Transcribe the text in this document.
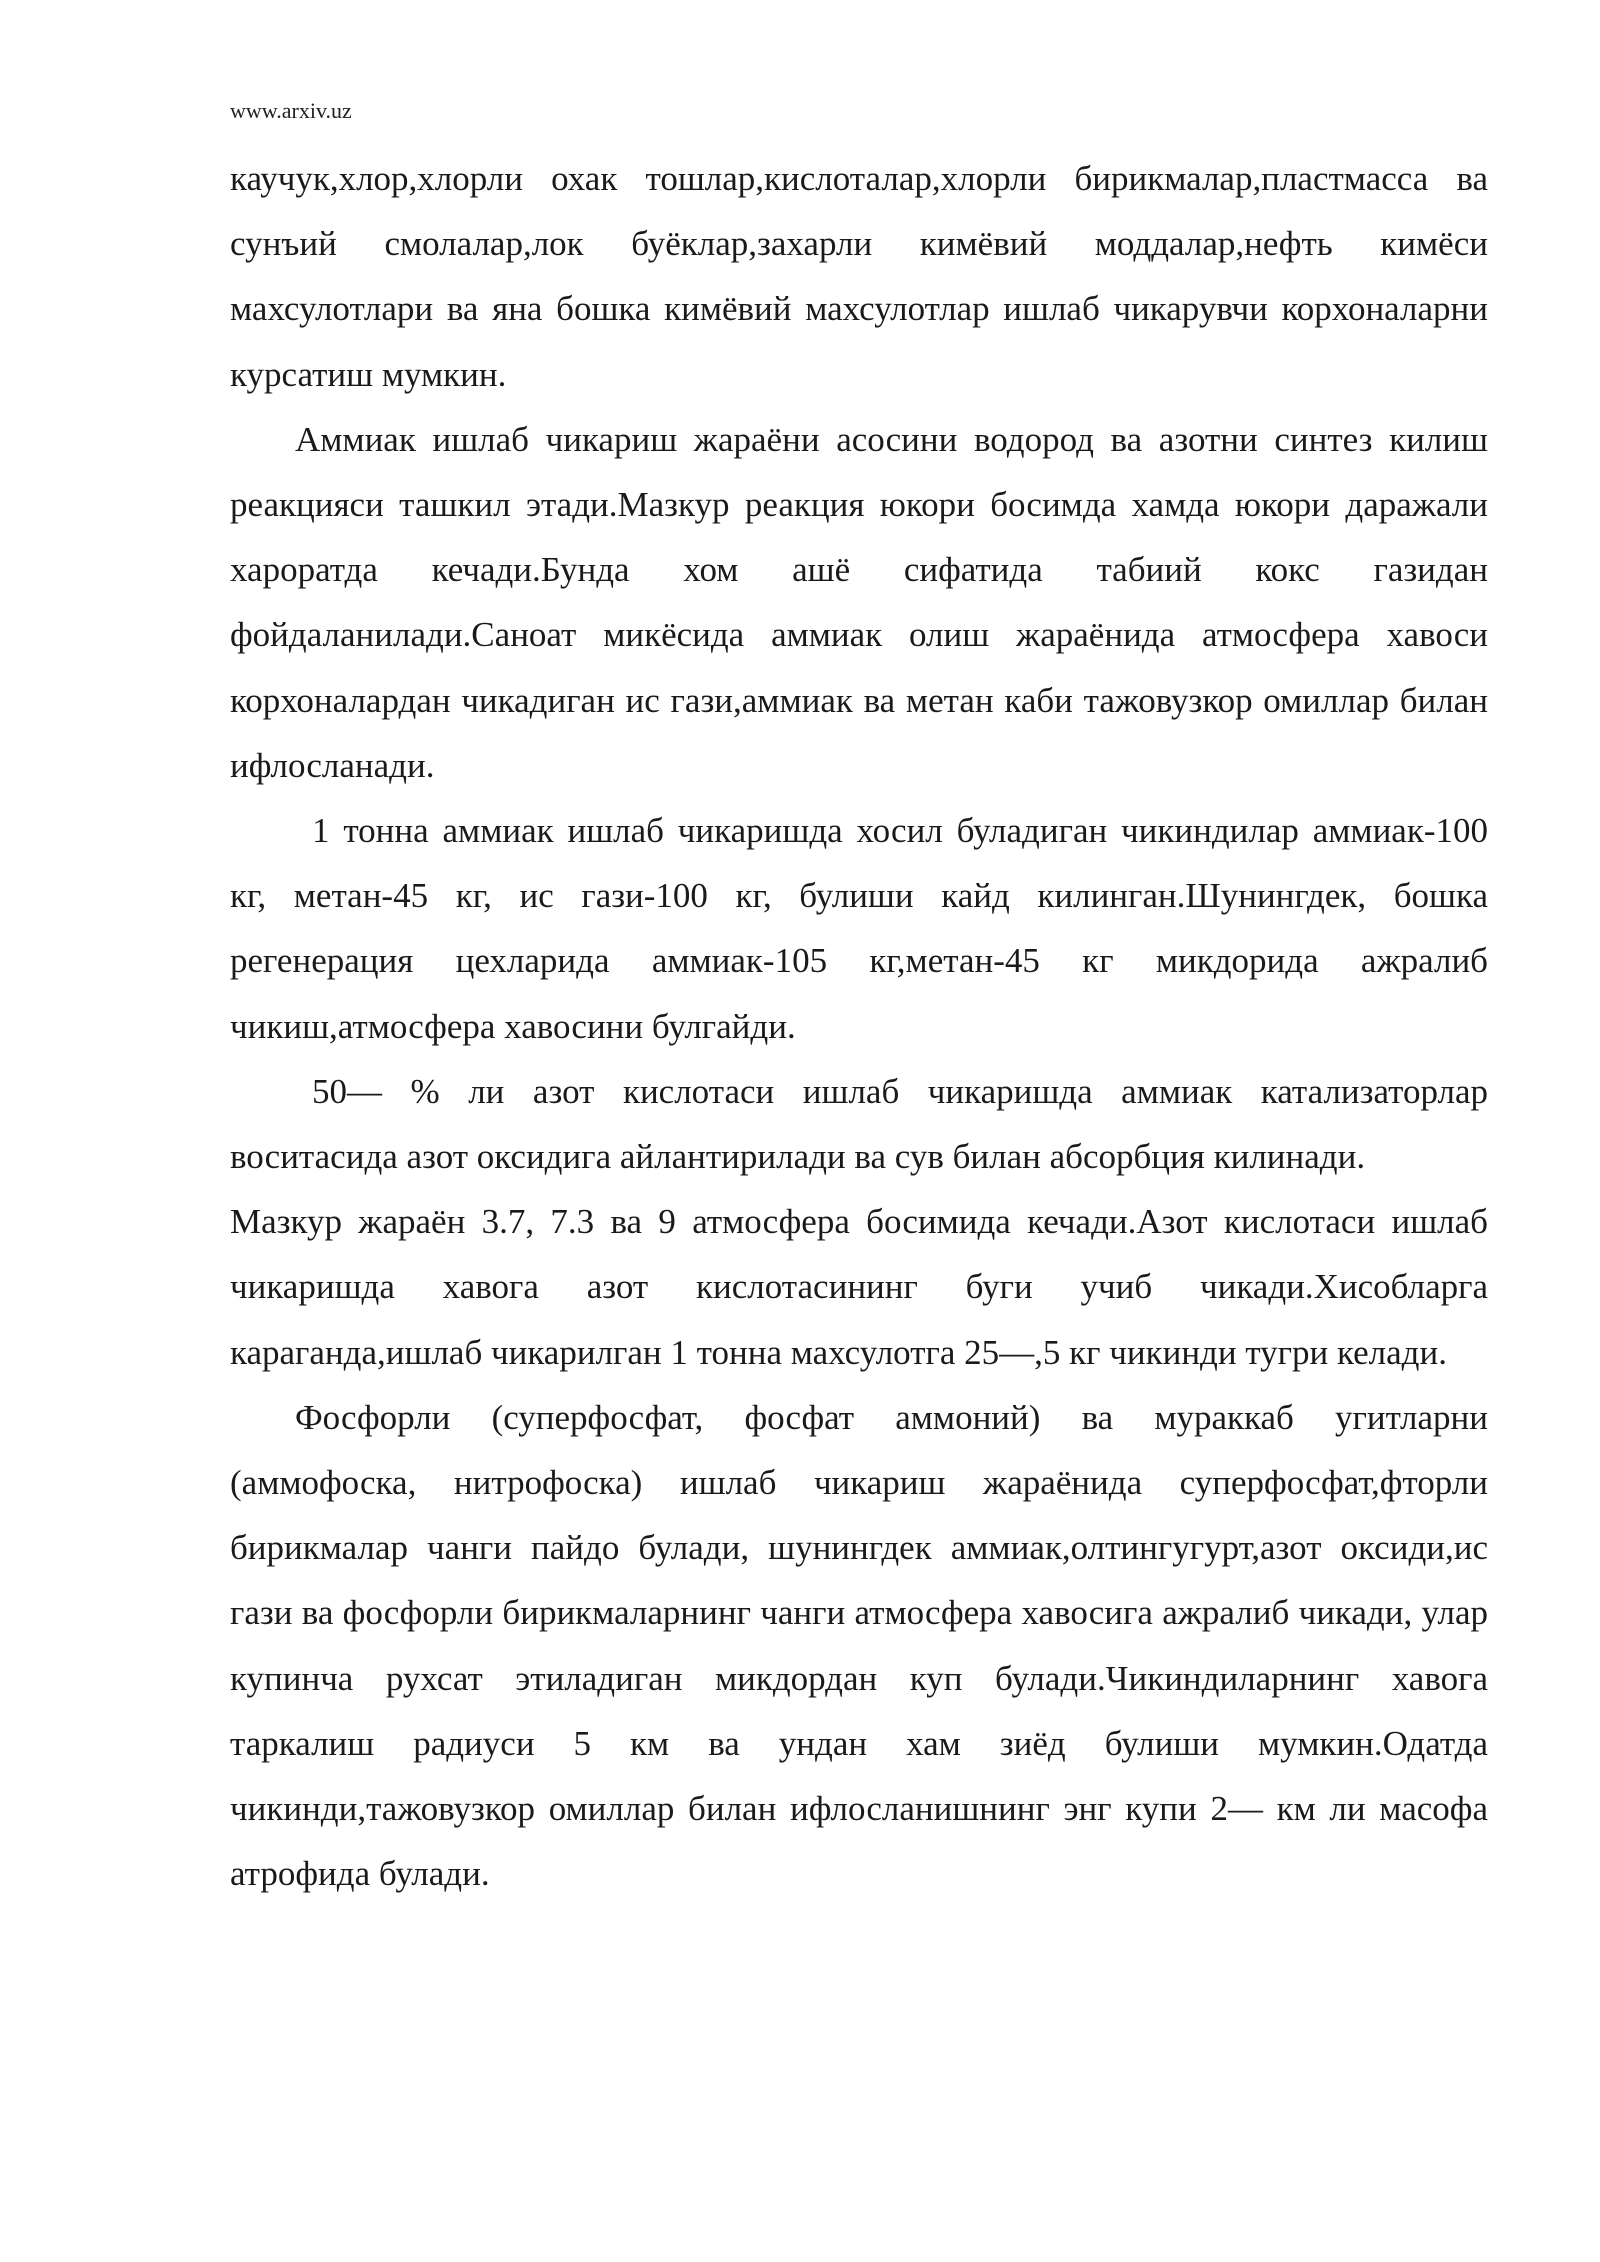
www.arxiv.uz

каучук,хлор,хлорли охак тошлар,кислоталар,хлорли бирикмалар,пластмасса ва сунъий смолалар,лок буёклар,захарли кимёвий моддалар,нефть кимёси махсулотлари ва яна бошка кимёвий махсулотлар ишлаб чикарувчи корхоналарни курсатиш мумкин.

Аммиак ишлаб чикариш жараёни асосини водород ва азотни синтез килиш реакцияси ташкил этади.Мазкур реакция юкори босимда хамда юкори даражали хароратда кечади.Бунда хом ашё сифатида табиий кокс газидан фойдаланилади.Саноат микёсида аммиак олиш жараёнида атмосфера хавоси корхоналардан чикадиган ис гази,аммиак ва метан каби тажовузкор омиллар билан ифлосланади.

1 тонна аммиак ишлаб чикаришда хосил буладиган чикиндилар аммиак-100 кг, метан-45 кг, ис гази-100 кг, булиши кайд килинган.Шунингдек, бошка регенерация цехларида аммиак-105 кг,метан-45 кг микдорида ажралиб чикиш,атмосфера хавосини булгайди.

50— % ли азот кислотаси ишлаб чикаришда аммиак катализаторлар воситасида азот оксидига айлантирилади ва сув билан абсорбция килинади.

Мазкур жараён 3.7, 7.3 ва 9 атмосфера босимида кечади.Азот кислотаси ишлаб чикаришда хавога азот кислотасининг буги учиб чикади.Хисобларга караганда,ишлаб чикарилган 1 тонна махсулотга 25—,5 кг чикинди тугри келади.

Фосфорли (суперфосфат, фосфат аммоний) ва мураккаб угитларни (аммофоска, нитрофоска) ишлаб чикариш жараёнида суперфосфат,фторли бирикмалар чанги пайдо булади, шунингдек аммиак,олтингугурт,азот оксиди,ис гази ва фосфорли бирикмаларнинг чанги атмосфера хавосига ажралиб чикади, улар купинча рухсат этиладиган микдордан куп булади.Чикиндиларнинг хавога таркалиш радиуси 5 км ва ундан хам зиёд булиши мумкин.Одатда чикинди,тажовузкор омиллар билан ифлосланишнинг энг купи 2— км ли масофа атрофида булади.
